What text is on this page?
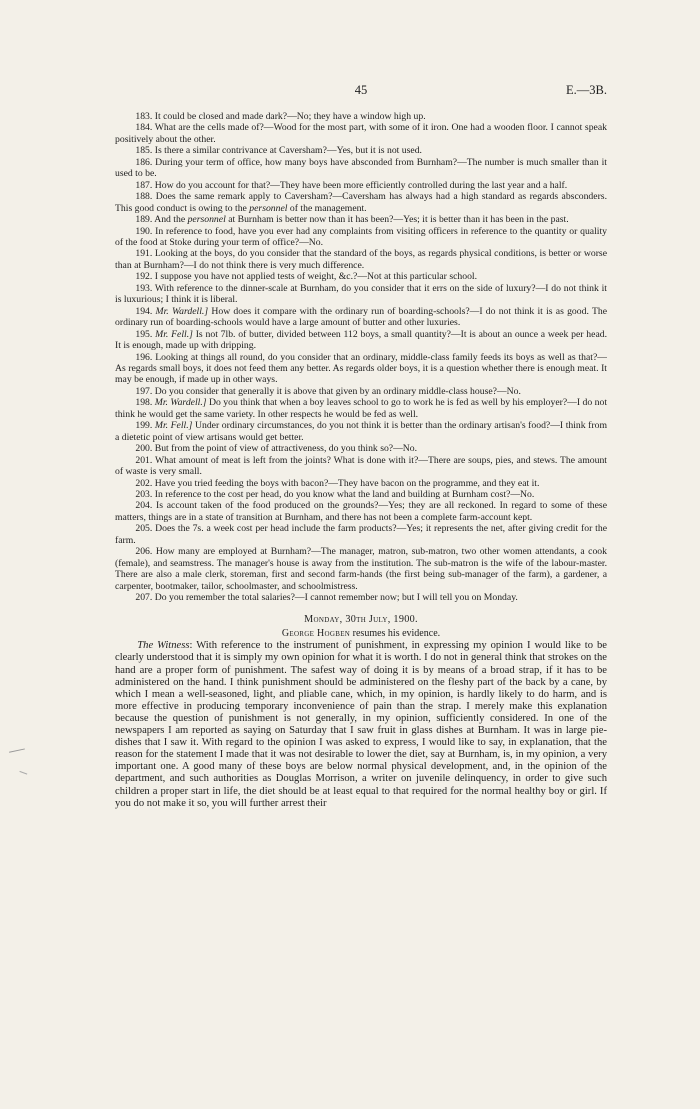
45	E.—3B.

183. It could be closed and made dark?—No; they have a window high up.

184. What are the cells made of?—Wood for the most part, with some of it iron. One had a wooden floor. I cannot speak positively about the other.

185. Is there a similar contrivance at Caversham?—Yes, but it is not used.

186. During your term of office, how many boys have absconded from Burnham?—The number is much smaller than it used to be.

187. How do you account for that?—They have been more efficiently controlled during the last year and a half.

188. Does the same remark apply to Caversham?—Caversham has always had a high standard as regards absconders. This good conduct is owing to the personnel of the management.

189. And the personnel at Burnham is better now than it has been?—Yes; it is better than it has been in the past.

190. In reference to food, have you ever had any complaints from visiting officers in reference to the quantity or quality of the food at Stoke during your term of office?—No.

191. Looking at the boys, do you consider that the standard of the boys, as regards physical conditions, is better or worse than at Burnham?—I do not think there is very much difference.

192. I suppose you have not applied tests of weight, &c.?—Not at this particular school.

193. With reference to the dinner-scale at Burnham, do you consider that it errs on the side of luxury?—I do not think it is luxurious; I think it is liberal.

194. Mr. Wardell.] How does it compare with the ordinary run of boarding-schools?—I do not think it is as good. The ordinary run of boarding-schools would have a large amount of butter and other luxuries.

195. Mr. Fell.] Is not 7lb. of butter, divided between 112 boys, a small quantity?—It is about an ounce a week per head. It is enough, made up with dripping.

196. Looking at things all round, do you consider that an ordinary, middle-class family feeds its boys as well as that?—As regards small boys, it does not feed them any better. As regards older boys, it is a question whether there is enough meat. It may be enough, if made up in other ways.

197. Do you consider that generally it is above that given by an ordinary middle-class house?—No.

198. Mr. Wardell.] Do you think that when a boy leaves school to go to work he is fed as well by his employer?—I do not think he would get the same variety. In other respects he would be fed as well.

199. Mr. Fell.] Under ordinary circumstances, do you not think it is better than the ordinary artisan's food?—I think from a dietetic point of view artisans would get better.

200. But from the point of view of attractiveness, do you think so?—No.

201. What amount of meat is left from the joints? What is done with it?—There are soups, pies, and stews. The amount of waste is very small.

202. Have you tried feeding the boys with bacon?—They have bacon on the programme, and they eat it.

203. In reference to the cost per head, do you know what the land and building at Burnham cost?—No.

204. Is account taken of the food produced on the grounds?—Yes; they are all reckoned. In regard to some of these matters, things are in a state of transition at Burnham, and there has not been a complete farm-account kept.

205. Does the 7s. a week cost per head include the farm products?—Yes; it represents the net, after giving credit for the farm.

206. How many are employed at Burnham?—The manager, matron, sub-matron, two other women attendants, a cook (female), and seamstress. The manager's house is away from the institution. The sub-matron is the wife of the labour-master. There are also a male clerk, storeman, first and second farm-hands (the first being sub-manager of the farm), a gardener, a carpenter, bootmaker, tailor, schoolmaster, and schoolmistress.

207. Do you remember the total salaries?—I cannot remember now; but I will tell you on Monday.

Monday, 30th July, 1900.
George Hogben resumes his evidence.

The Witness: With reference to the instrument of punishment, in expressing my opinion I would like to be clearly understood that it is simply my own opinion for what it is worth. I do not in general think that strokes on the hand are a proper form of punishment. The safest way of doing it is by means of a broad strap, if it has to be administered on the hand. I think punishment should be administered on the fleshy part of the back by a cane, by which I mean a well-seasoned, light, and pliable cane, which, in my opinion, is hardly likely to do harm, and is more effective in producing temporary inconvenience of pain than the strap. I merely make this explanation because the question of punishment is not generally, in my opinion, sufficiently considered. In one of the newspapers I am reported as saying on Saturday that I saw fruit in glass dishes at Burnham. It was in large pie-dishes that I saw it. With regard to the opinion I was asked to express, I would like to say, in explanation, that the reason for the statement I made that it was not desirable to lower the diet, say at Burnham, is, in my opinion, a very important one. A good many of these boys are below normal physical development, and, in the opinion of the department, and such authorities as Douglas Morrison, a writer on juvenile delinquency, in order to give such children a proper start in life, the diet should be at least equal to that required for the normal healthy boy or girl. If you do not make it so, you will further arrest their
